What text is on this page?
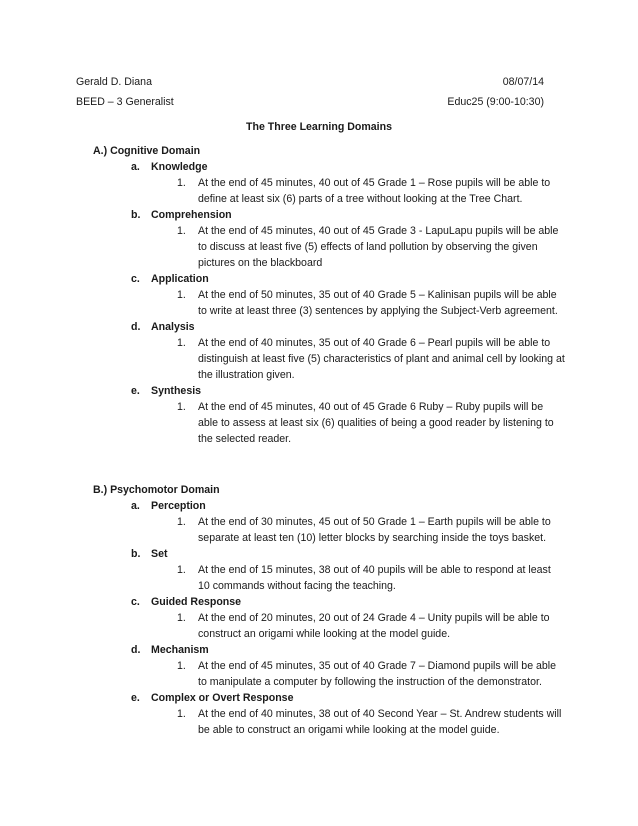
Gerald D. Diana	08/07/14
BEED – 3 Generalist	Educ25 (9:00-10:30)
The Three Learning Domains
A.) Cognitive Domain
a. Knowledge
1. At the end of 45 minutes, 40 out of 45 Grade 1 – Rose pupils will be able to define at least six (6) parts of a tree without looking at the Tree Chart.
b. Comprehension
1. At the end of 45 minutes, 40 out of 45 Grade 3 - LapuLapu pupils will be able to discuss at least five (5) effects of land pollution by observing the given pictures on the blackboard
c. Application
1. At the end of 50 minutes, 35 out of 40 Grade 5 – Kalinisan pupils will be able to write at least three (3) sentences by applying the Subject-Verb agreement.
d. Analysis
1. At the end of 40 minutes, 35 out of 40 Grade 6 – Pearl pupils will be able to distinguish at least five (5) characteristics of plant and animal cell by looking at the illustration given.
e. Synthesis
1. At the end of 45 minutes, 40 out of 45 Grade 6 Ruby – Ruby pupils will be able to assess at least six (6) qualities of being a good reader by listening to the selected reader.
B.) Psychomotor Domain
a. Perception
1. At the end of 30 minutes, 45 out of 50 Grade 1 – Earth pupils will be able to separate at least ten (10) letter blocks by searching inside the toys basket.
b. Set
1. At the end of 15 minutes, 38 out of 40 pupils will be able to respond at least 10 commands without facing the teaching.
c. Guided Response
1. At the end of 20 minutes, 20 out of 24 Grade 4 – Unity pupils will be able to construct an origami while looking at the model guide.
d. Mechanism
1. At the end of 45 minutes, 35 out of 40 Grade 7 – Diamond pupils will be able to manipulate a computer by following the instruction of the demonstrator.
e. Complex or Overt Response
1. At the end of 40 minutes, 38 out of 40 Second Year – St. Andrew students will be able to construct an origami while looking at the model guide.
